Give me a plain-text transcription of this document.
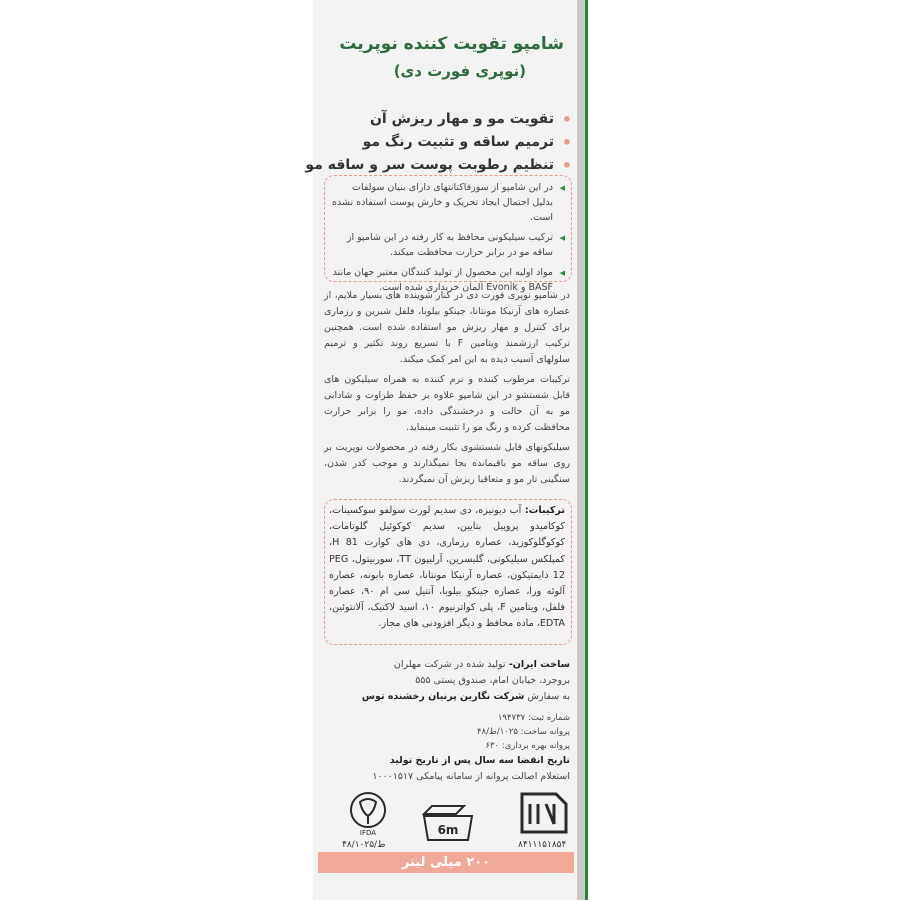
شامپو تقویت کننده نوپریت
(نوپری فورت دی)
• تقویت مو و مهار ریزش آن
• ترمیم ساقه و تثبیت رنگ مو
• تنظیم رطوبت پوست سر و ساقه مو

◀ در این شامپو از سورفاکتانتهای دارای بنیان سولفات بدلیل احتمال ایجاد تحریک و خارش پوست استفاده نشده است.

◀ ترکیب سیلیکونی محافظ به کار رفته در این شامپو از ساقه مو در برابر حرارت محافظت میکند.

◀ مواد اولیه این محصول از تولید کنندگان معتبر جهان مانند BASF و Evonik آلمان خریداری شده است.

در شامپو نوپری فورت دی در کنار شوینده های بسیار ملایم، از عصاره های آرنیکا مونتانا، جینکو بیلوبا، فلفل شیرین و رزماری برای کنترل و مهار ریزش مو استفاده شده است. همچنین ترکیب ارزشمند ویتامین F با تسریع روند تکثیر و ترمیم سلولهای آسیب دیده به این امر کمک میکند.

ترکیبات مرطوب کننده و نرم کننده به همراه سیلیکون های قابل شستشو در این شامپو علاوه بر حفظ طراوت و شادابی مو به آن حالت و درخشندگی داده، مو را برابر حرارت محافظت کرده و رنگ مو را تثبیت مینماید.

سیلیکونهای قابل شستشوی بکار رفته در محصولات نوپریت بر روی ساقه مو باقیمانده بجا نمیگذارند و موجب کدر شدن، سنگینی تار مو و متعاقبا ریزش آن نمیگردند.

ترکیبات: آب دیونیزه، دی سدیم لورت سولفو سوکسینات، کوکامیدو پروپیل بتایین، سدیم کوکوئیل گلوتامات، کوکوگلوکوزید، عصاره رزماری، دی های کوارت 81 H، کمپلکس سیلیکونی، گلیسرین، آرلیپون TT، سوربیتول، PEG 12 دایمتیکون، عصاره آرنیکا مونتانا، عصاره بابونه، عصاره آلوئه ورا، عصاره جینکو بیلوبا، آنتیل سی ام ۹۰، عصاره فلفل، ویتامین F، پلی کواترنیوم ۱۰، اسید لاکتیک، آلانتوئین، EDTA، ماده محافظ و دیگر افزودنی های مجاز.
ساخت ایران- تولید شده در شرکت مهلران
بروجرد، خیابان امام، صندوق پستی ۵۵۵
به سفارش شرکت نگارین پرنیان رخشنده توس
شماره ثبت: ۱۹۴۷۳۷
پروانه ساخت: ۱۰۲۵/ط/۴۸
پروانه بهره برداری: ۶۳۰
تاریخ انقضا سه سال پس از تاریخ تولید
استعلام اصالت پروانه از سامانه پیامکی ۱۰۰۰۱۵۱۷
IFDA
۴۸/ط/۱۰۲۵
6m
۸۴۱۱۱۵۱۸۵۴
۲۰۰ میلی لیتر
